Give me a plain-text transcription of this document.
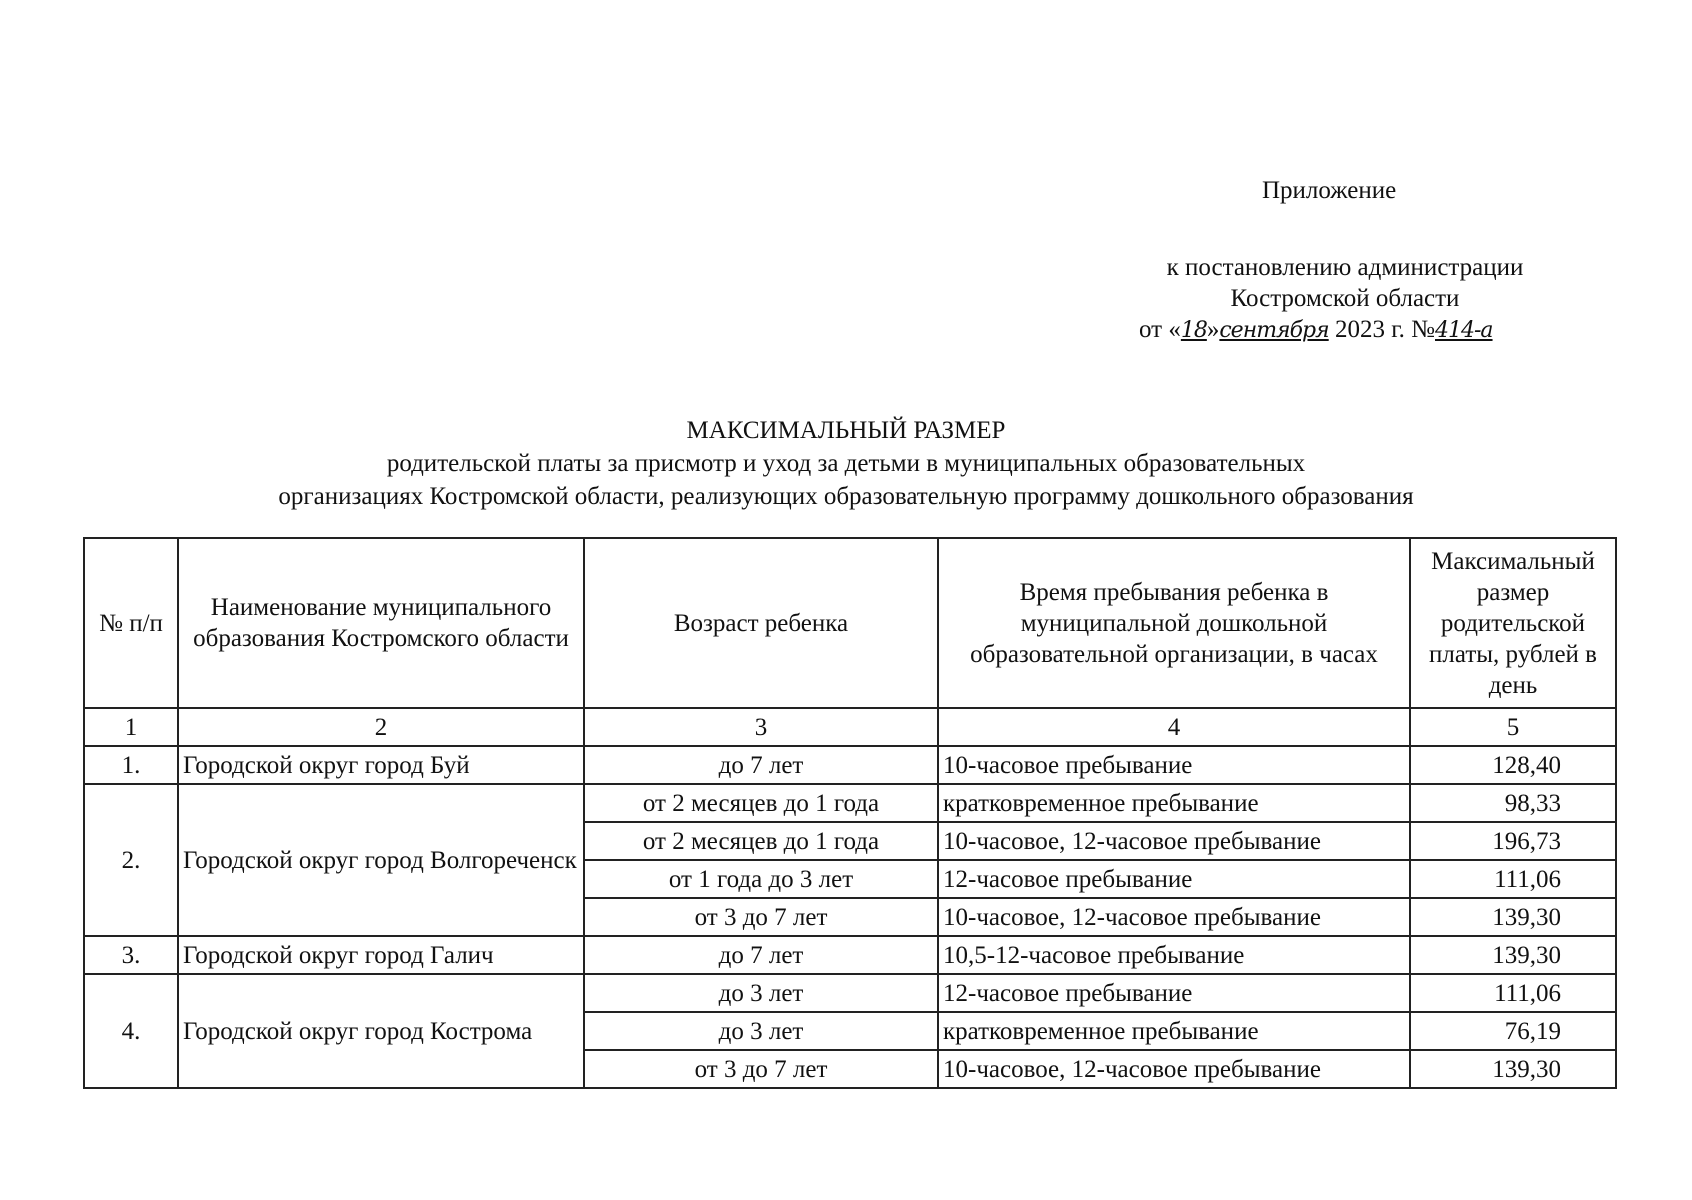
Приложение
к постановлению администрации
Костромской области
от «18»сентября 2023 г. №414-а
МАКСИМАЛЬНЫЙ РАЗМЕР
родительской платы за присмотр и уход за детьми в муниципальных образовательных
организациях Костромской области, реализующих образовательную программу дошкольного образования
№ п/п	Наименование муниципального образования Костромского области	Возраст ребенка	Время пребывания ребенка в муниципальной дошкольной образовательной организации, в часах	Максимальный размер родительской платы, рублей в день
1	2	3	4	5
1.	Городской округ город Буй	до 7 лет	10-часовое пребывание	128,40
2.	Городской округ город Волгореченск	от 2 месяцев до 1 года	кратковременное пребывание	98,33
		от 2 месяцев до 1 года	10-часовое, 12-часовое пребывание	196,73
		от 1 года до 3 лет	12-часовое пребывание	111,06
		от 3 до 7 лет	10-часовое, 12-часовое пребывание	139,30
3.	Городской округ город Галич	до 7 лет	10,5-12-часовое пребывание	139,30
4.	Городской округ город Кострома	до 3 лет	12-часовое пребывание	111,06
		до 3 лет	кратковременное пребывание	76,19
		от 3 до 7 лет	10-часовое, 12-часовое пребывание	139,30
